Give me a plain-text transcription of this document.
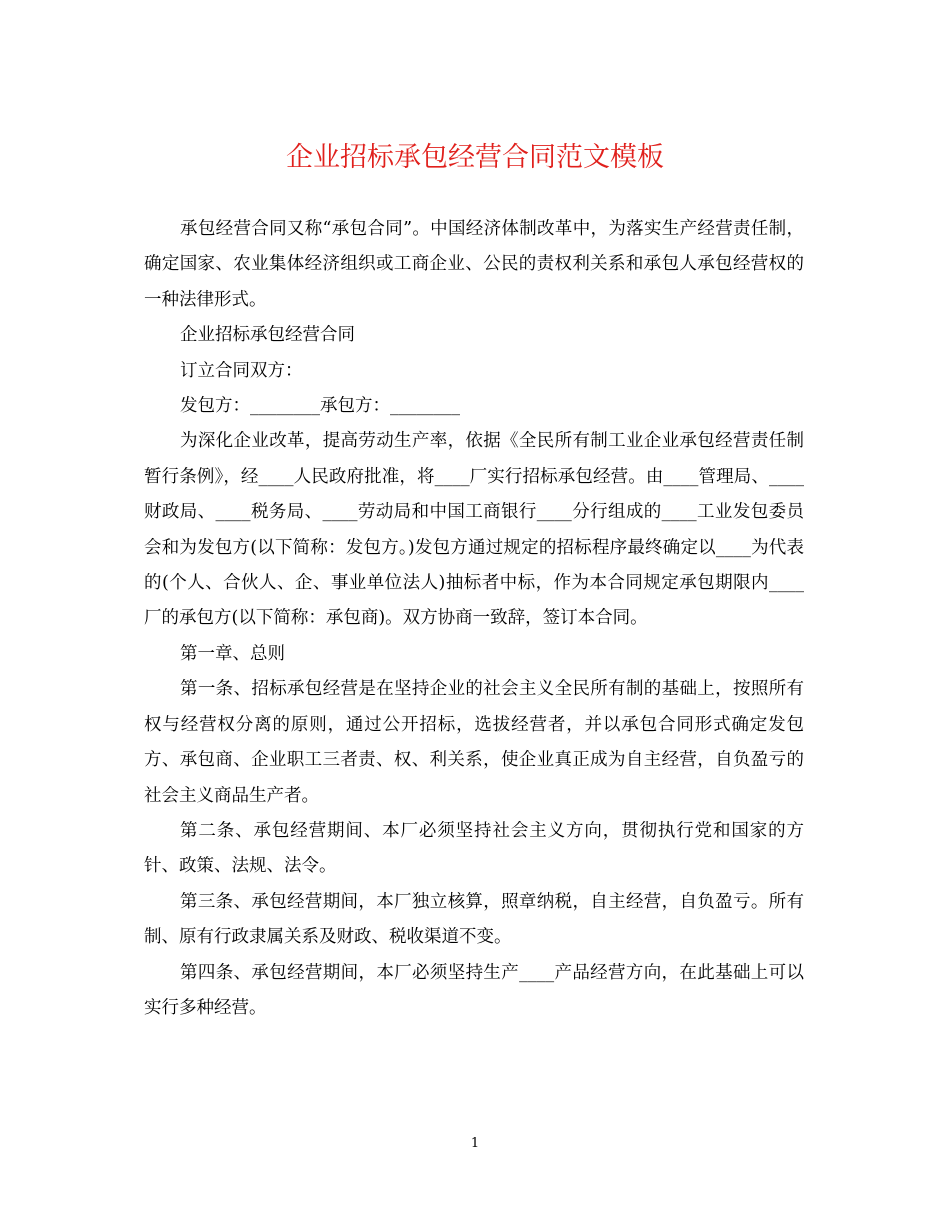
企业招标承包经营合同范文模板

承包经营合同又称“承包合同”。中国经济体制改革中，为落实生产经营责任制，确定国家、农业集体经济组织或工商企业、公民的责权利关系和承包人承包经营权的一种法律形式。

企业招标承包经营合同

订立合同双方：

发包方：________承包方：________

为深化企业改革，提高劳动生产率，依据《全民所有制工业企业承包经营责任制暂行条例》，经____人民政府批准，将____厂实行招标承包经营。由____管理局、____财政局、____税务局、____劳动局和中国工商银行____分行组成的____工业发包委员会和为发包方(以下简称：发包方。)发包方通过规定的招标程序最终确定以____为代表的(个人、合伙人、企、事业单位法人)抽标者中标，作为本合同规定承包期限内____厂的承包方(以下简称：承包商)。双方协商一致辞，签订本合同。

第一章、总则

第一条、招标承包经营是在坚持企业的社会主义全民所有制的基础上，按照所有权与经营权分离的原则，通过公开招标，选拔经营者，并以承包合同形式确定发包方、承包商、企业职工三者责、权、利关系，使企业真正成为自主经营，自负盈亏的社会主义商品生产者。

第二条、承包经营期间、本厂必须坚持社会主义方向，贯彻执行党和国家的方针、政策、法规、法令。

第三条、承包经营期间，本厂独立核算，照章纳税，自主经营，自负盈亏。所有制、原有行政隶属关系及财政、税收渠道不变。

第四条、承包经营期间，本厂必须坚持生产____产品经营方向，在此基础上可以实行多种经营。

1
